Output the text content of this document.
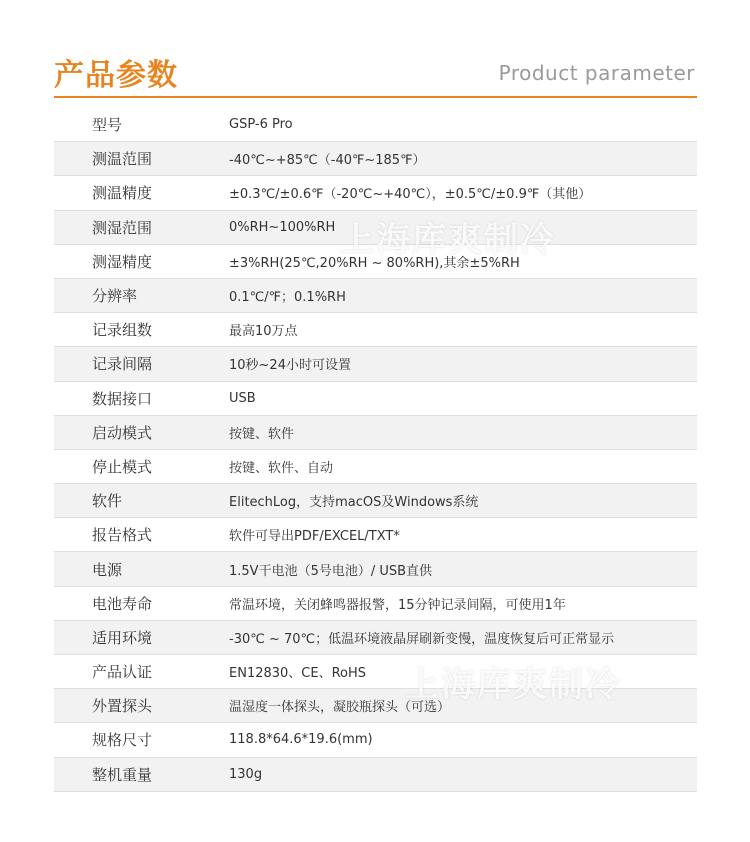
产品参数	Product parameter
型号	GSP-6 Pro
测温范围	-40℃~+85℃（-40℉~185℉）
测温精度	±0.3℃/±0.6℉（-20℃~+40℃），±0.5℃/±0.9℉（其他）
测湿范围	0%RH~100%RH
测湿精度	±3%RH(25℃,20%RH ~ 80%RH),其余±5%RH
分辨率	0.1℃/℉；0.1%RH
记录组数	最高10万点
记录间隔	10秒~24小时可设置
数据接口	USB
启动模式	按键、软件
停止模式	按键、软件、自动
软件	ElitechLog，支持macOS及Windows系统
报告格式	软件可导出PDF/EXCEL/TXT*
电源	1.5V干电池（5号电池）/ USB直供
电池寿命	常温环境，关闭蜂鸣器报警，15分钟记录间隔，可使用1年
适用环境	-30℃ ~ 70℃；低温环境液晶屏刷新变慢，温度恢复后可正常显示
产品认证	EN12830、CE、RoHS
外置探头	温湿度一体探头，凝胶瓶探头（可选）
规格尺寸	118.8*64.6*19.6(mm)
整机重量	130g
上海库爽制冷
上海库爽制冷
